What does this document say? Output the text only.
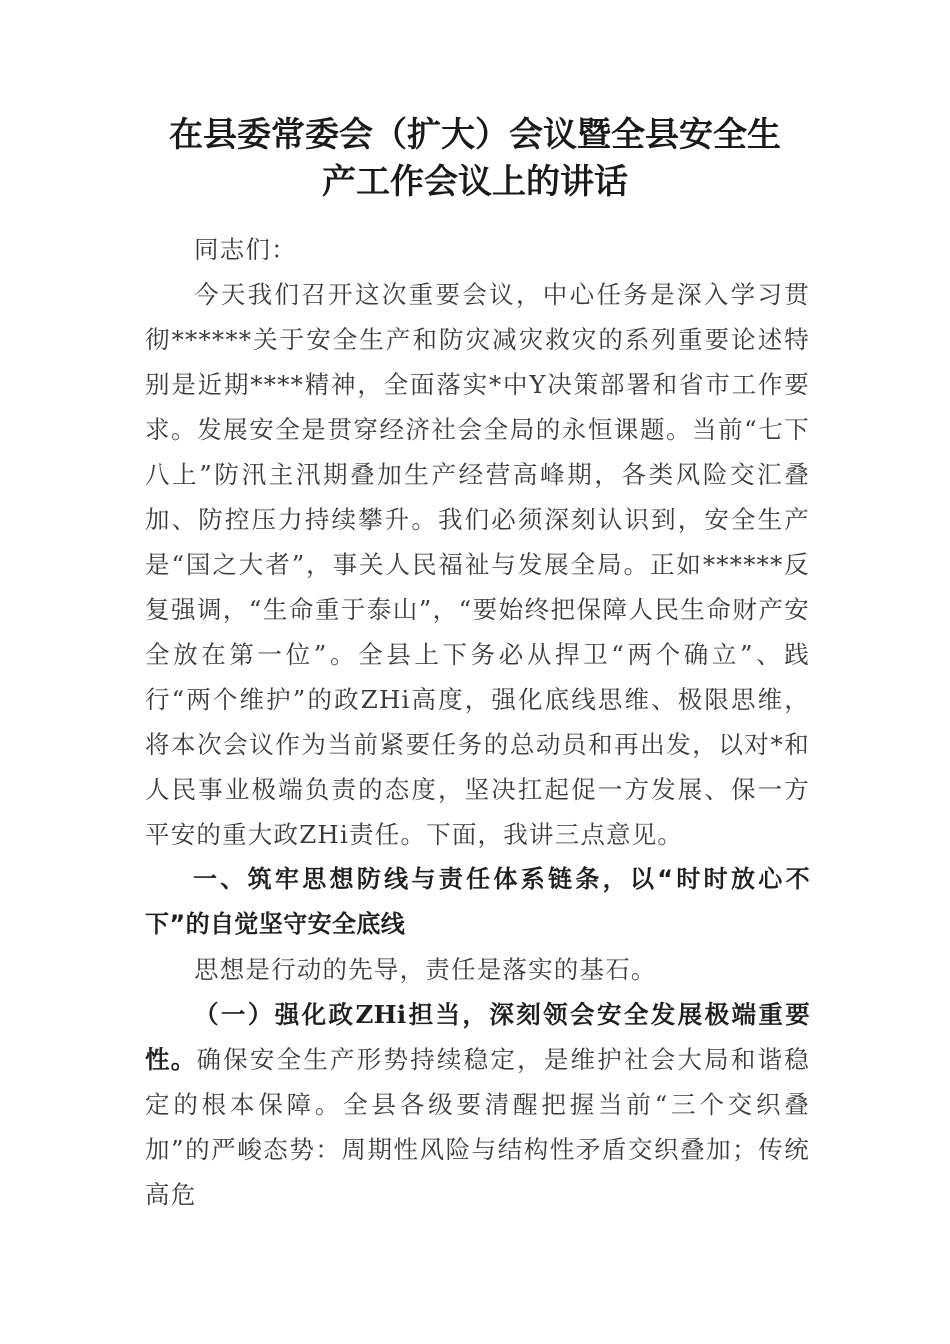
在县委常委会（扩大）会议暨全县安全生
产工作会议上的讲话

同志们：

今天我们召开这次重要会议，中心任务是深入学习贯彻******关于安全生产和防灾减灾救灾的系列重要论述特别是近期****精神，全面落实*中Y决策部署和省市工作要求。发展安全是贯穿经济社会全局的永恒课题。当前“七下八上”防汛主汛期叠加生产经营高峰期，各类风险交汇叠加、防控压力持续攀升。我们必须深刻认识到，安全生产是“国之大者”，事关人民福祉与发展全局。正如******反复强调，“生命重于泰山”，“要始终把保障人民生命财产安全放在第一位”。全县上下务必从捍卫“两个确立”、践行“两个维护”的政ZHi高度，强化底线思维、极限思维，将本次会议作为当前紧要任务的总动员和再出发，以对*和人民事业极端负责的态度，坚决扛起促一方发展、保一方平安的重大政ZHi责任。下面，我讲三点意见。

一、筑牢思想防线与责任体系链条，以“时时放心不下”的自觉坚守安全底线

思想是行动的先导，责任是落实的基石。

（一）强化政ZHi担当，深刻领会安全发展极端重要性。确保安全生产形势持续稳定，是维护社会大局和谐稳定的根本保障。全县各级要清醒把握当前“三个交织叠加”的严峻态势：周期性风险与结构性矛盾交织叠加；传统高危
